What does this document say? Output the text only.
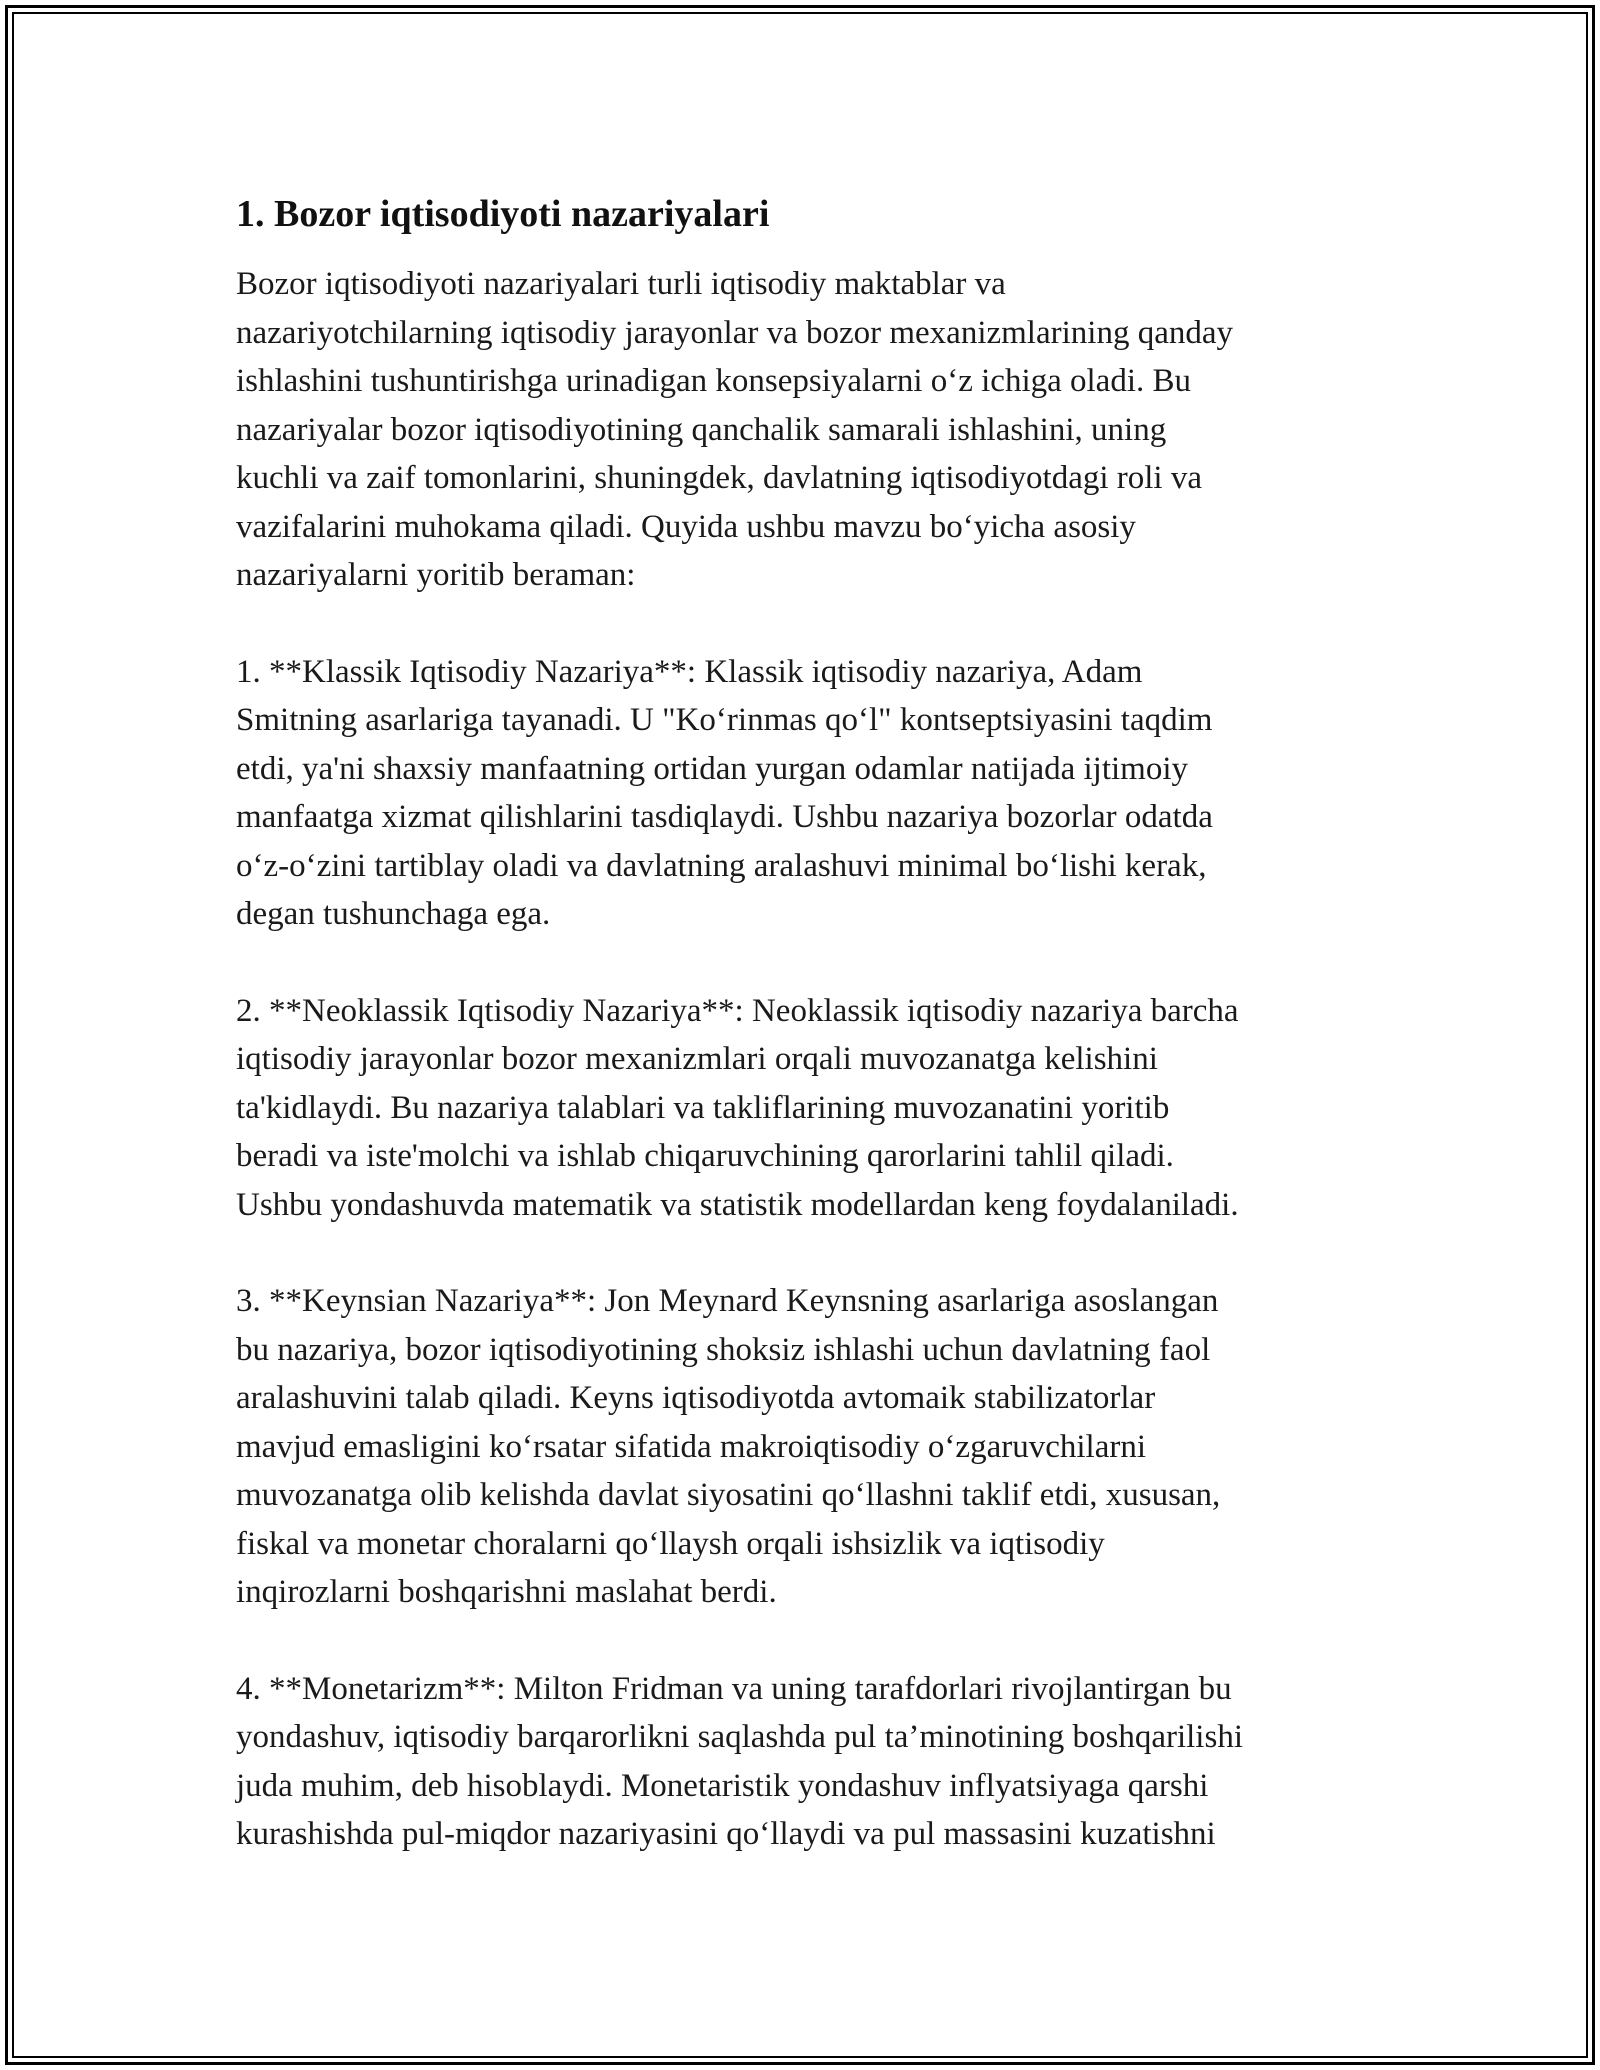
1. Bozor iqtisodiyoti nazariyalari

Bozor iqtisodiyoti nazariyalari turli iqtisodiy maktablar va
nazariyotchilarning iqtisodiy jarayonlar va bozor mexanizmlarining qanday
ishlashini tushuntirishga urinadigan konsepsiyalarni o‘z ichiga oladi. Bu
nazariyalar bozor iqtisodiyotining qanchalik samarali ishlashini, uning
kuchli va zaif tomonlarini, shuningdek, davlatning iqtisodiyotdagi roli va
vazifalarini muhokama qiladi. Quyida ushbu mavzu bo‘yicha asosiy
nazariyalarni yoritib beraman:

1. **Klassik Iqtisodiy Nazariya**: Klassik iqtisodiy nazariya, Adam
Smitning asarlariga tayanadi. U "Ko‘rinmas qo‘l" kontseptsiyasini taqdim
etdi, ya'ni shaxsiy manfaatning ortidan yurgan odamlar natijada ijtimoiy
manfaatga xizmat qilishlarini tasdiqlaydi. Ushbu nazariya bozorlar odatda
o‘z-o‘zini tartiblay oladi va davlatning aralashuvi minimal bo‘lishi kerak,
degan tushunchaga ega.

2. **Neoklassik Iqtisodiy Nazariya**: Neoklassik iqtisodiy nazariya barcha
iqtisodiy jarayonlar bozor mexanizmlari orqali muvozanatga kelishini
ta'kidlaydi. Bu nazariya talablari va takliflarining muvozanatini yoritib
beradi va iste'molchi va ishlab chiqaruvchining qarorlarini tahlil qiladi.
Ushbu yondashuvda matematik va statistik modellardan keng foydalaniladi.

3. **Keynsian Nazariya**: Jon Meynard Keynsning asarlariga asoslangan
bu nazariya, bozor iqtisodiyotining shoksiz ishlashi uchun davlatning faol
aralashuvini talab qiladi. Keyns iqtisodiyotda avtomaik stabilizatorlar
mavjud emasligini ko‘rsatar sifatida makroiqtisodiy o‘zgaruvchilarni
muvozanatga olib kelishda davlat siyosatini qo‘llashni taklif etdi, xususan,
fiskal va monetar choralarni qo‘llaysh orqali ishsizlik va iqtisodiy
inqirozlarni boshqarishni maslahat berdi.

4. **Monetarizm**: Milton Fridman va uning tarafdorlari rivojlantirgan bu
yondashuv, iqtisodiy barqarorlikni saqlashda pul ta’minotining boshqarilishi
juda muhim, deb hisoblaydi. Monetaristik yondashuv inflyatsiyaga qarshi
kurashishda pul-miqdor nazariyasini qo‘llaydi va pul massasini kuzatishni
